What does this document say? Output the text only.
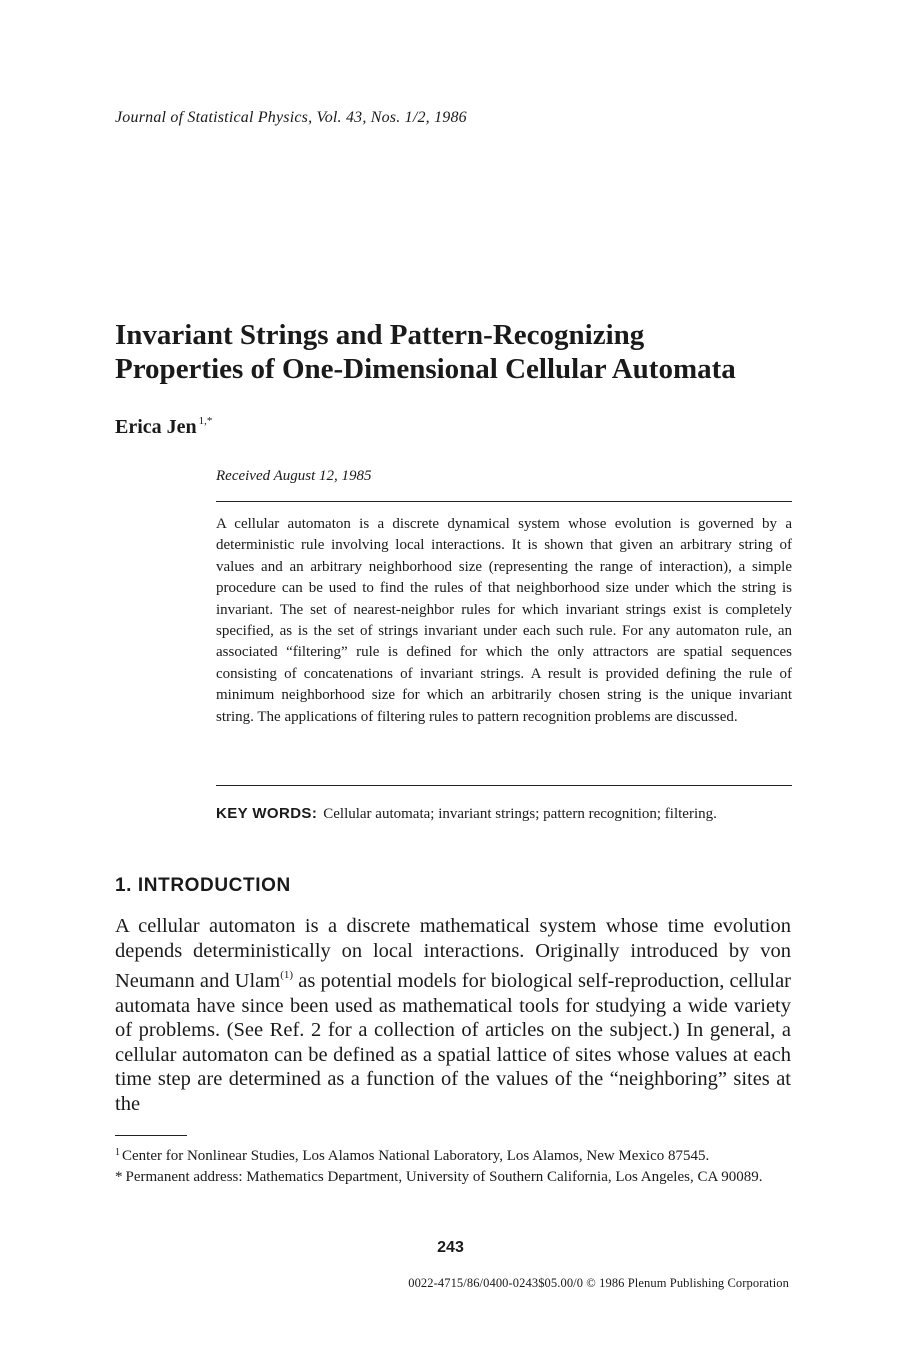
Journal of Statistical Physics, Vol. 43, Nos. 1/2, 1986
Invariant Strings and Pattern-Recognizing
Properties of One-Dimensional Cellular Automata
Erica Jen $^{1,*}$
Received August 12, 1985

A cellular automaton is a discrete dynamical system whose evolution is governed by a deterministic rule involving local interactions. It is shown that given an arbitrary string of values and an arbitrary neighborhood size (representing the range of interaction), a simple procedure can be used to find the rules of that neighborhood size under which the string is invariant. The set of nearest-neighbor rules for which invariant strings exist is completely specified, as is the set of strings invariant under each such rule. For any automaton rule, an associated “filtering” rule is defined for which the only attractors are spatial sequences consisting of concatenations of invariant strings. A result is provided defining the rule of minimum neighborhood size for which an arbitrarily chosen string is the unique invariant string. The applications of filtering rules to pattern recognition problems are discussed.

KEY WORDS: Cellular automata; invariant strings; pattern recognition; filtering.

1. INTRODUCTION

A cellular automaton is a discrete mathematical system whose time evolution depends deterministically on local interactions. Originally introduced by von Neumann and Ulam$^{(1)}$ as potential models for biological self-reproduction, cellular automata have since been used as mathematical tools for studying a wide variety of problems. (See Ref. 2 for a collection of articles on the subject.) In general, a cellular automaton can be defined as a spatial lattice of sites whose values at each time step are determined as a function of the values of the “neighboring” sites at the

$^1$ Center for Nonlinear Studies, Los Alamos National Laboratory, Los Alamos, New Mexico 87545.
* Permanent address: Mathematics Department, University of Southern California, Los Angeles, CA 90089.
243
0022-4715/86/0400-0243$05.00/0 © 1986 Plenum Publishing Corporation
